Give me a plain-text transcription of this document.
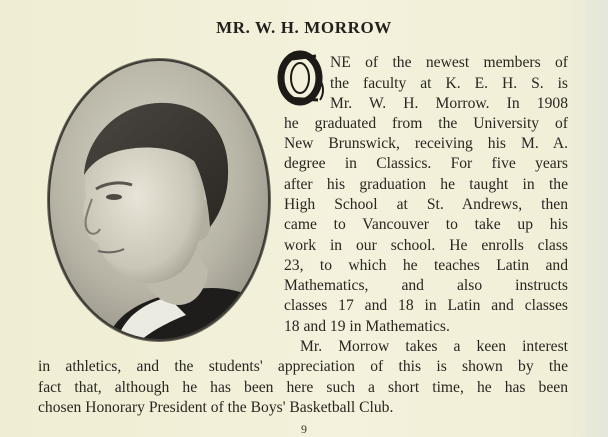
MR. W. H. MORROW
NE of the newest members of
the faculty at K. E. H. S. is
Mr. W. H. Morrow. In 1908
he graduated from the University of
New Brunswick, receiving his M. A.
degree in Classics. For five years
after his graduation he taught in the
High School at St. Andrews, then
came to Vancouver to take up his
work in our school. He enrolls class
23, to which he teaches Latin and
Mathematics, and also instructs
classes 17 and 18 in Latin and classes
18 and 19 in Mathematics.
Mr. Morrow takes a keen interest
in athletics, and the students' appreciation of this is shown by the
fact that, although he has been here such a short time, he has been
chosen Honorary President of the Boys' Basketball Club.
9
